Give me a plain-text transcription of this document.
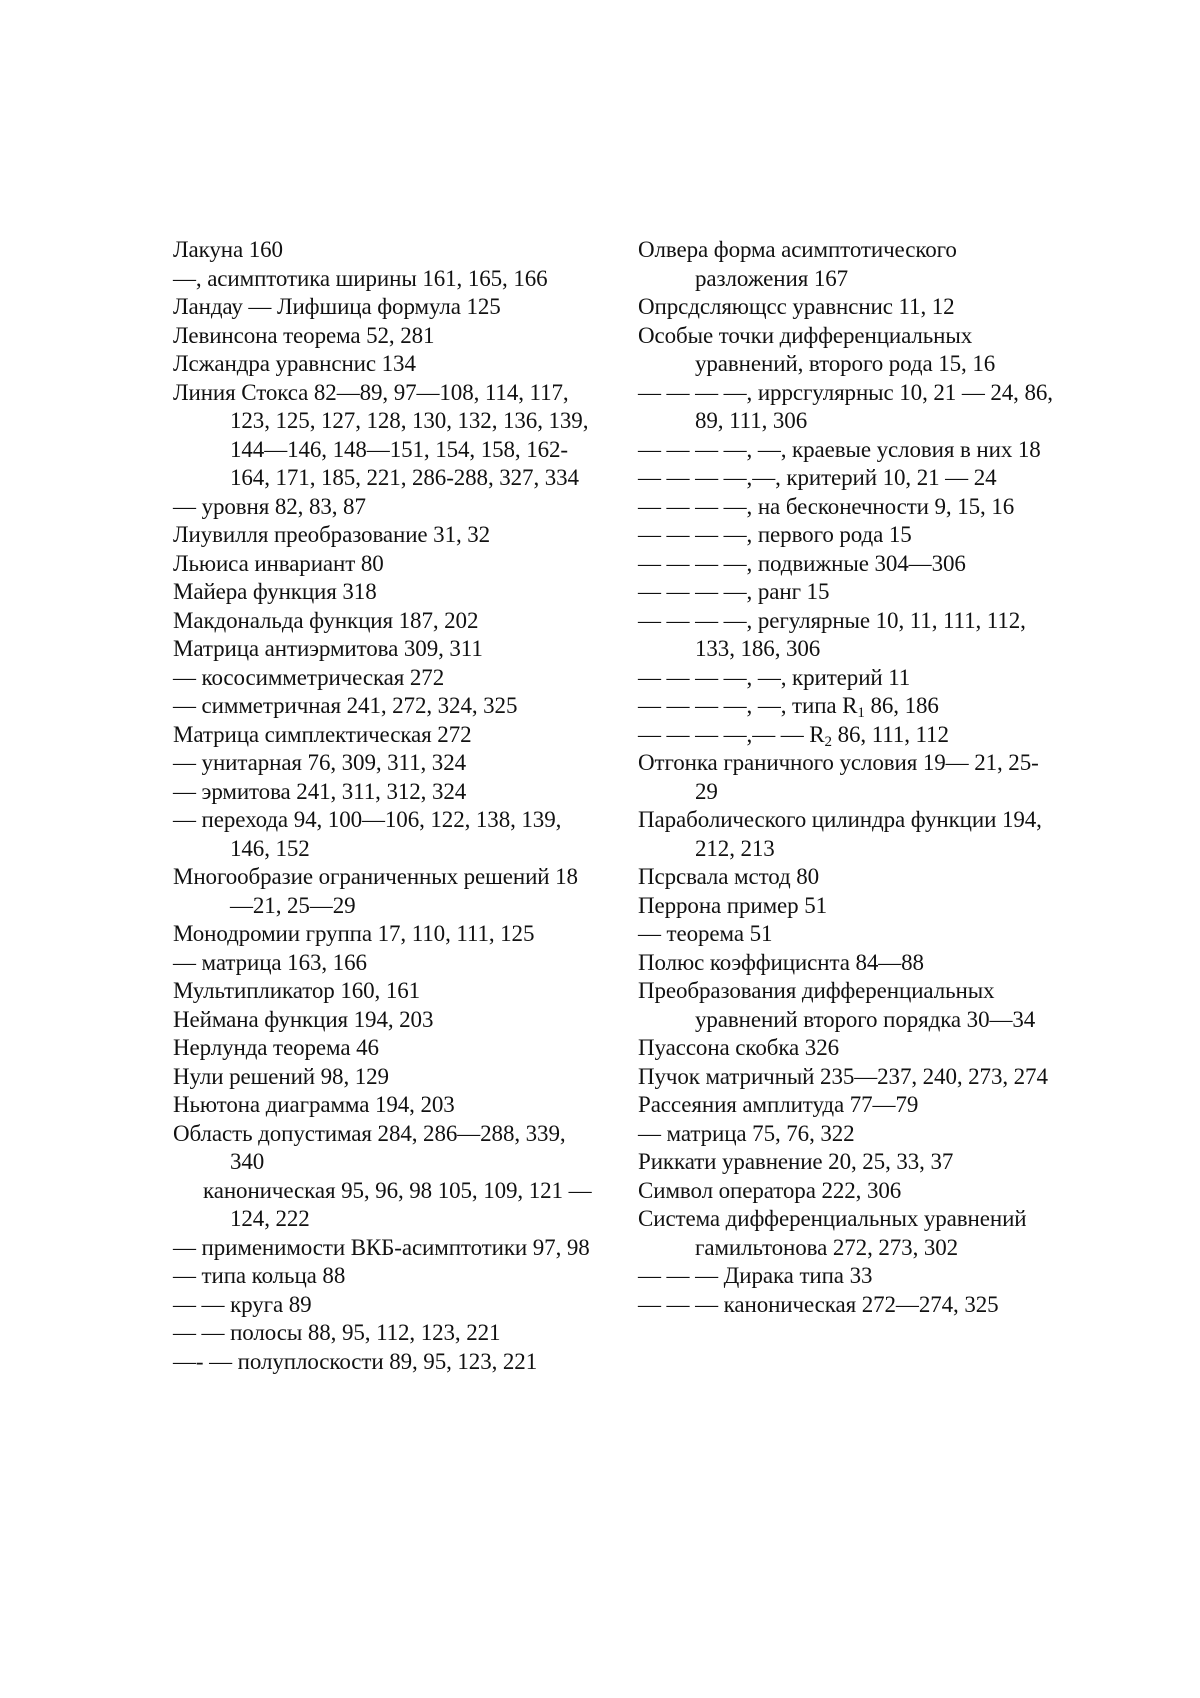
Лакуна 160
—, асимптотика ширины 161, 165, 166
Ландау — Лифшица формула 125
Левинсона теорема 52, 281
Лсжандра уравнснис 134
Линия Стокса 82—89, 97—108, 114, 117, 123, 125, 127, 128, 130, 132, 136, 139, 144—146, 148—151, 154, 158, 162-164, 171, 185, 221, 286-288, 327, 334
— уровня 82, 83, 87
Лиувилля преобразование 31, 32
Льюиса инвариант 80
Майера функция 318
Макдональда функция 187, 202
Матрица антиэрмитова 309, 311
— кососимметрическая 272
— симметричная 241, 272, 324, 325
Матрица симплектическая 272
— унитарная 76, 309, 311, 324
— эрмитова 241, 311, 312, 324
— перехода 94, 100—106, 122, 138, 139, 146, 152
Многообразие ограниченных решений 18—21, 25—29
Монодромии группа 17, 110, 111, 125
— матрица 163, 166
Мультипликатор 160, 161
Неймана функция 194, 203
Нерлунда теорема 46
Нули решений 98, 129
Ньютона диаграмма 194, 203
Область допустимая 284, 286—288, 339, 340
каноническая 95, 96, 98 105, 109, 121 — 124, 222
— применимости ВКБ-асимптотики 97, 98
— типа кольца 88
— — круга 89
— — полосы 88, 95, 112, 123, 221
—- — полуплоскости 89, 95, 123, 221
Олвера форма асимптотического разложения 167
Опрсдсляющсс уравнснис 11, 12
Особые точки дифференциальных уравнений, второго рода 15, 16
— — — —, иррсгулярныс 10, 21 — 24, 86, 89, 111, 306
— — — —, —, краевые условия в них 18
— — — —,—, критерий 10, 21 — 24
— — — —, на бесконечности 9, 15, 16
— — — —, первого рода 15
— — — —, подвижные 304—306
— — — —, ранг 15
— — — —, регулярные 10, 11, 111, 112, 133, 186, 306
— — — —, —, критерий 11
— — — —, —, типа $R_1$ 86, 186
— — — —,— — $R_2$ 86, 111, 112
Отгонка граничного условия 19— 21, 25-29
Параболического цилиндра функции 194, 212, 213
Псрсвала мстод 80
Перрона пример 51
— теорема 51
Полюс коэффициснта 84—88
Преобразования дифференциальных уравнений второго порядка 30—34
Пуассона скобка 326
Пучок матричный 235—237, 240, 273, 274
Рассеяния амплитуда 77—79
— матрица 75, 76, 322
Риккати уравнение 20, 25, 33, 37
Символ оператора 222, 306
Система дифференциальных уравнений гамильтонова 272, 273, 302
— — — Дирака типа 33
— — — каноническая 272—274, 325
